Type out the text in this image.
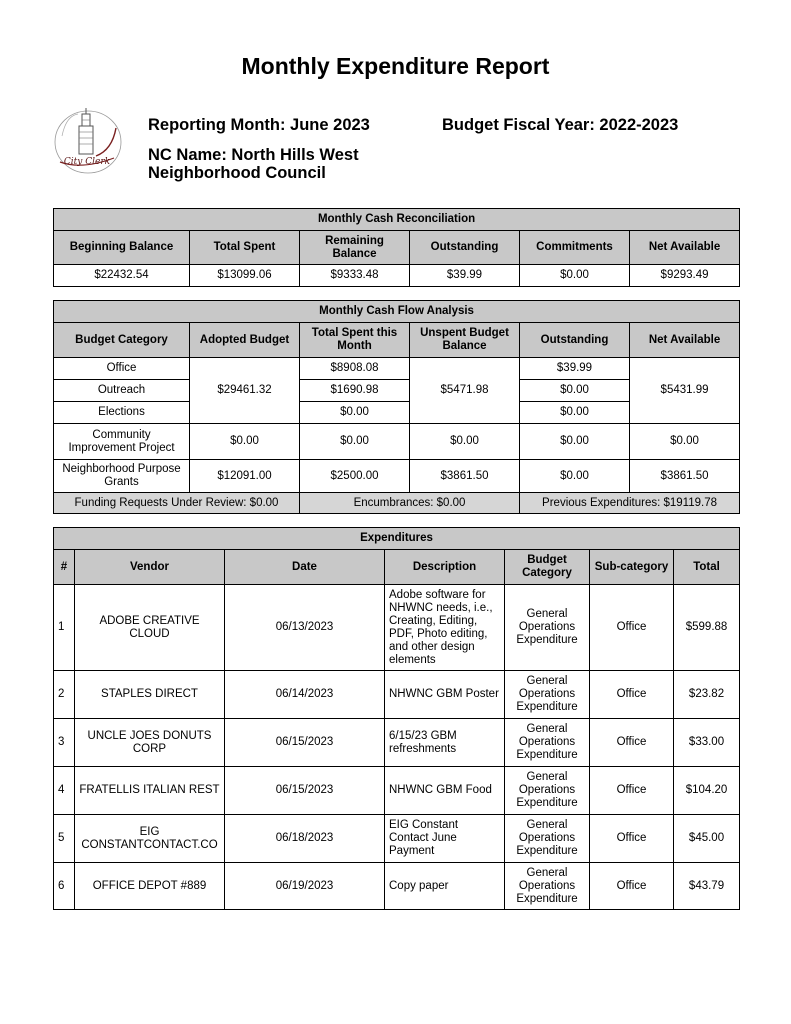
Monthly Expenditure Report
City Clerk
Reporting Month: June 2023	Budget Fiscal Year: 2022-2023
NC Name: North Hills West
Neighborhood Council
Monthly Cash Reconciliation					
Beginning Balance	Total Spent	Remaining Balance	Outstanding	Commitments	Net Available
$22432.54	$13099.06	$9333.48	$39.99	$0.00	$9293.49
Monthly Cash Flow Analysis					
Budget Category	Adopted Budget	Total Spent this Month	Unspent Budget Balance	Outstanding	Net Available
Office	$29461.32	$8908.08	$5471.98	$39.99	$5431.99
Outreach		$1690.98		$0.00	
Elections		$0.00		$0.00	
Community Improvement Project	$0.00	$0.00	$0.00	$0.00	$0.00
Neighborhood Purpose Grants	$12091.00	$2500.00	$3861.50	$0.00	$3861.50
Funding Requests Under Review: $0.00		Encumbrances: $0.00		Previous Expenditures: $19119.78	
Expenditures						
#	Vendor	Date	Description	Budget Category	Sub-category	Total
1	ADOBE CREATIVE CLOUD	06/13/2023	Adobe software for NHWNC needs, i.e., Creating, Editing, PDF, Photo editing, and other design elements	General Operations Expenditure	Office	$599.88
2	STAPLES DIRECT	06/14/2023	NHWNC GBM Poster	General Operations Expenditure	Office	$23.82
3	UNCLE JOES DONUTS CORP	06/15/2023	6/15/23 GBM refreshments	General Operations Expenditure	Office	$33.00
4	FRATELLIS ITALIAN REST	06/15/2023	NHWNC GBM Food	General Operations Expenditure	Office	$104.20
5	EIG CONSTANTCONTACT.CO	06/18/2023	EIG Constant Contact June Payment	General Operations Expenditure	Office	$45.00
6	OFFICE DEPOT #889	06/19/2023	Copy paper	General Operations Expenditure	Office	$43.79
